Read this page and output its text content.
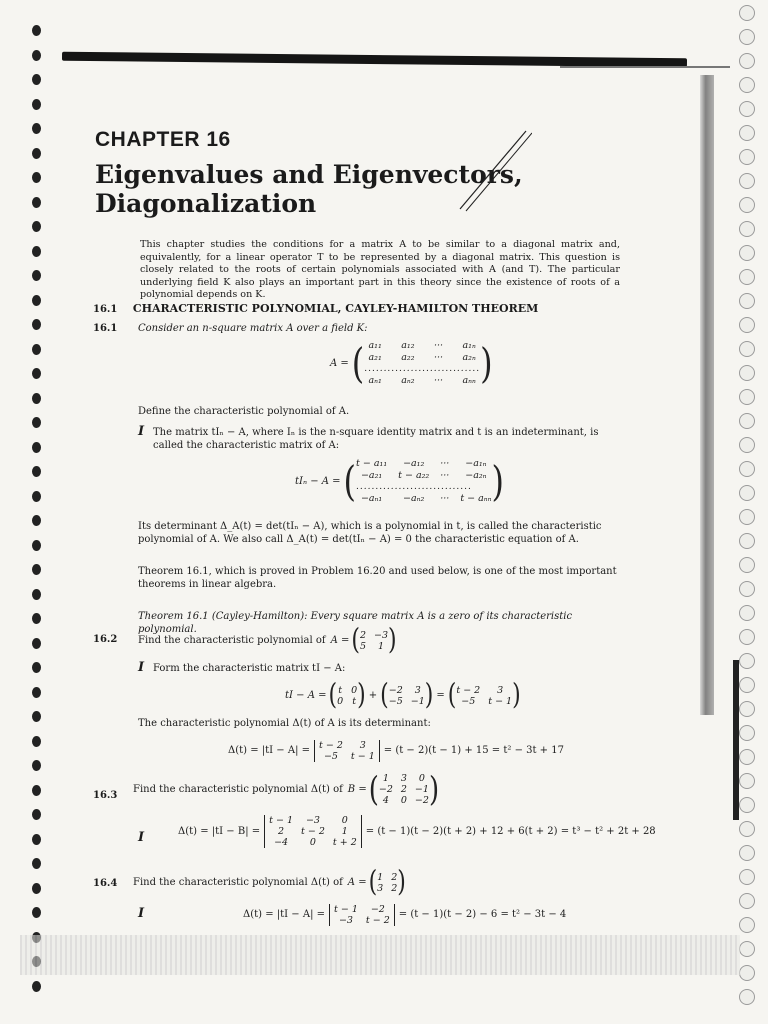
CHAPTER 16
Eigenvalues and Eigenvectors,
Diagonalization
This chapter studies the conditions for a matrix A to be similar to a diagonal matrix and, equivalently, for a linear operator T to be represented by a diagonal matrix. This question is closely related to the roots of certain polynomials associated with A (and T). The particular underlying field K also plays an important part in this theory since the existence of roots of a polynomial depends on K.
16.1 CHARACTERISTIC POLYNOMIAL, CAYLEY-HAMILTON THEOREM
16.1 Consider an n-square matrix A over a field K:
A = ( a₁₁	a₁₂	···	a₁ₙ
a₂₁	a₂₂	···	a₂ₙ
..............................
aₙ₁	aₙ₂	···	aₙₙ )
Define the characteristic polynomial of A.
I The matrix tIₙ − A, where Iₙ is the n-square identity matrix and t is an indeterminant, is called the characteristic matrix of A:
tIₙ − A = ( t − a₁₁	−a₁₂	···	−a₁ₙ
−a₂₁	t − a₂₂ ···	−a₂ₙ
..............................
−aₙ₁	−aₙ₂	··· t − aₙₙ )
Its determinant Δ_A(t) = det(tIₙ − A), which is a polynomial in t, is called the characteristic polynomial of A. We also call Δ_A(t) = det(tIₙ − A) = 0 the characteristic equation of A.
Theorem 16.1, which is proved in Problem 16.20 and used below, is one of the most important theorems in linear algebra.
Theorem 16.1 (Cayley-Hamilton): Every square matrix A is a zero of its characteristic polynomial.
16.2 Find the characteristic polynomial of A = ( 2 −3
5	1 )
I Form the characteristic matrix tI − A:
tI − A = ( t 0
0 t ) + ( −2	3
−5 −1 ) = ( t − 2	3
−5	t − 1 )
The characteristic polynomial Δ(t) of A is its determinant:
Δ(t) = |tI − A| = t − 2	3
−5	t − 1 = (t − 2)(t − 1) + 15 = t² − 3t + 17
16.3
Find the characteristic polynomial Δ(t) of B = ( 1	3	0
−2 2 −1
4	0 −2 )
I	Δ(t) = |tI − B| =
t − 1	−3	0
2	t − 2	1
−4	0	t + 2
= (t − 1)(t − 2)(t + 2) + 12 + 6(t + 2) = t³ − t² + 2t + 28
16.4 Find the characteristic polynomial Δ(t) of A = ( 1 2
3 2 )
I	Δ(t) = |tI − A| = t − 1	−2
−3	t − 2 = (t − 1)(t − 2) − 6 = t² − 3t − 4
